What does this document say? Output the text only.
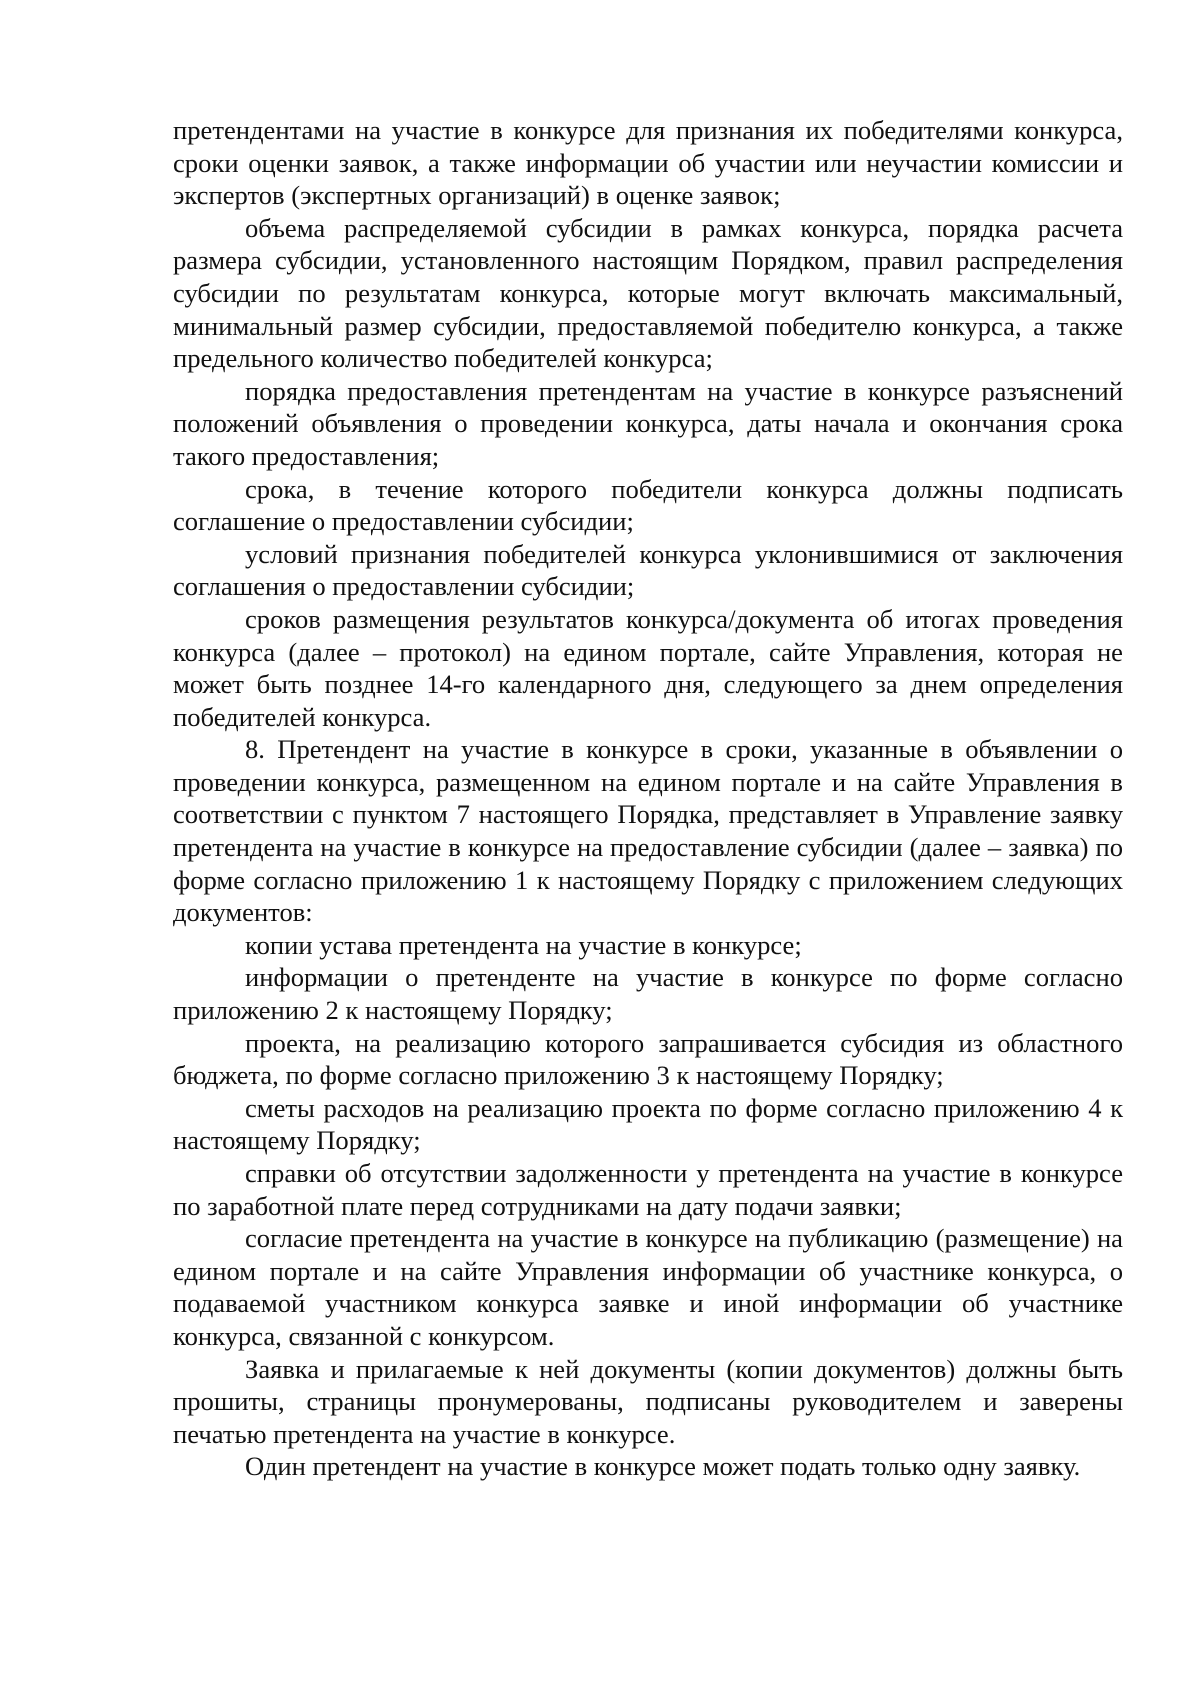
претендентами на участие в конкурсе для признания их победителями конкурса, сроки оценки заявок, а также информации об участии или неучастии комиссии и экспертов (экспертных организаций) в оценке заявок;

объема распределяемой субсидии в рамках конкурса, порядка расчета размера субсидии, установленного настоящим Порядком, правил распределения субсидии по результатам конкурса, которые могут включать максимальный, минимальный размер субсидии, предоставляемой победителю конкурса, а также предельного количество победителей конкурса;

порядка предоставления претендентам на участие в конкурсе разъяснений положений объявления о проведении конкурса, даты начала и окончания срока такого предоставления;

срока, в течение которого победители конкурса должны подписать соглашение о предоставлении субсидии;

условий признания победителей конкурса уклонившимися от заключения соглашения о предоставлении субсидии;

сроков размещения результатов конкурса/документа об итогах проведения конкурса (далее – протокол) на едином портале, сайте Управления, которая не может быть позднее 14-го календарного дня, следующего за днем определения победителей конкурса.

8. Претендент на участие в конкурсе в сроки, указанные в объявлении о проведении конкурса, размещенном на едином портале и на сайте Управления в соответствии с пунктом 7 настоящего Порядка, представляет в Управление заявку претендента на участие в конкурсе на предоставление субсидии (далее – заявка) по форме согласно приложению 1 к настоящему Порядку с приложением следующих документов:

копии устава претендента на участие в конкурсе;

информации о претенденте на участие в конкурсе по форме согласно приложению 2 к настоящему Порядку;

проекта, на реализацию которого запрашивается субсидия из областного бюджета, по форме согласно приложению 3 к настоящему Порядку;

сметы расходов на реализацию проекта по форме согласно приложению 4 к настоящему Порядку;

справки об отсутствии задолженности у претендента на участие в конкурсе по заработной плате перед сотрудниками на дату подачи заявки;

согласие претендента на участие в конкурсе на публикацию (размещение) на едином портале и на сайте Управления информации об участнике конкурса, о подаваемой участником конкурса заявке и иной информации об участнике конкурса, связанной с конкурсом.

Заявка и прилагаемые к ней документы (копии документов) должны быть прошиты, страницы пронумерованы, подписаны руководителем и заверены печатью претендента на участие в конкурсе.

Один претендент на участие в конкурсе может подать только одну заявку.
